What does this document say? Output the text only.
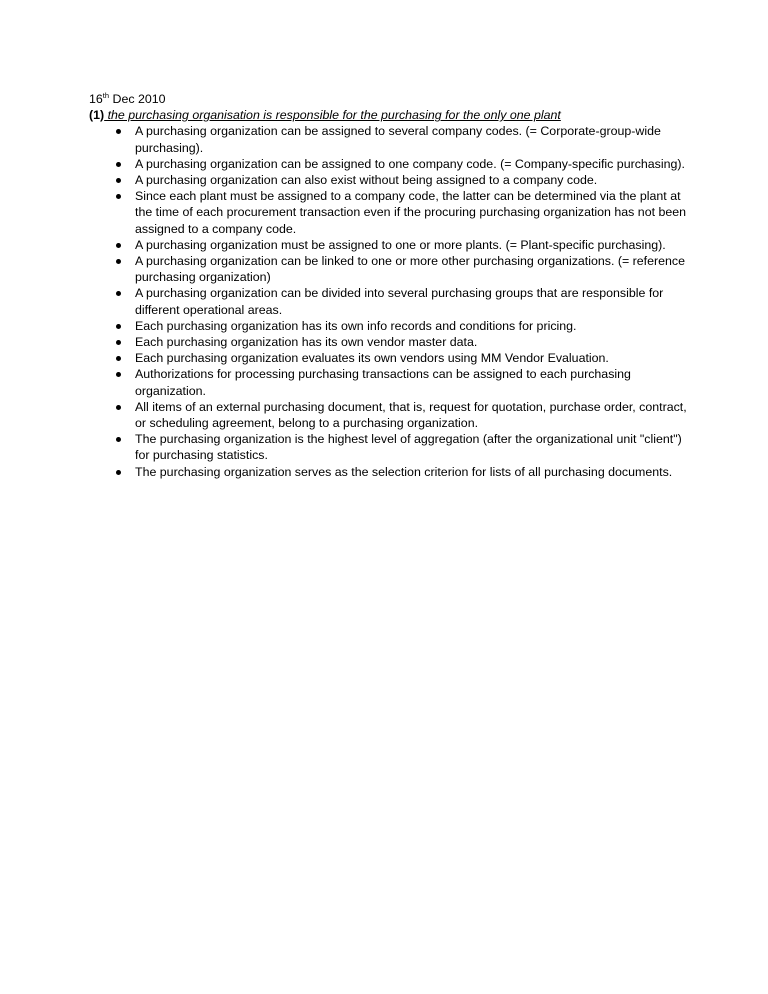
16th Dec 2010

(1) the purchasing organisation is responsible for the purchasing for the only one plant

A purchasing organization can be assigned to several company codes. (= Corporate-group-wide purchasing).
A purchasing organization can be assigned to one company code. (= Company-specific purchasing).
A purchasing organization can also exist without being assigned to a company code.
Since each plant must be assigned to a company code, the latter can be determined via the plant at the time of each procurement transaction even if the procuring purchasing organization has not been assigned to a company code.
A purchasing organization must be assigned to one or more plants. (= Plant-specific purchasing).
A purchasing organization can be linked to one or more other purchasing organizations. (= reference purchasing organization)
A purchasing organization can be divided into several purchasing groups that are responsible for different operational areas.
Each purchasing organization has its own info records and conditions for pricing.
Each purchasing organization has its own vendor master data.
Each purchasing organization evaluates its own vendors using MM Vendor Evaluation.
Authorizations for processing purchasing transactions can be assigned to each purchasing organization.
All items of an external purchasing document, that is, request for quotation, purchase order, contract, or scheduling agreement, belong to a purchasing organization.
The purchasing organization is the highest level of aggregation (after the organizational unit "client") for purchasing statistics.
The purchasing organization serves as the selection criterion for lists of all purchasing documents.
